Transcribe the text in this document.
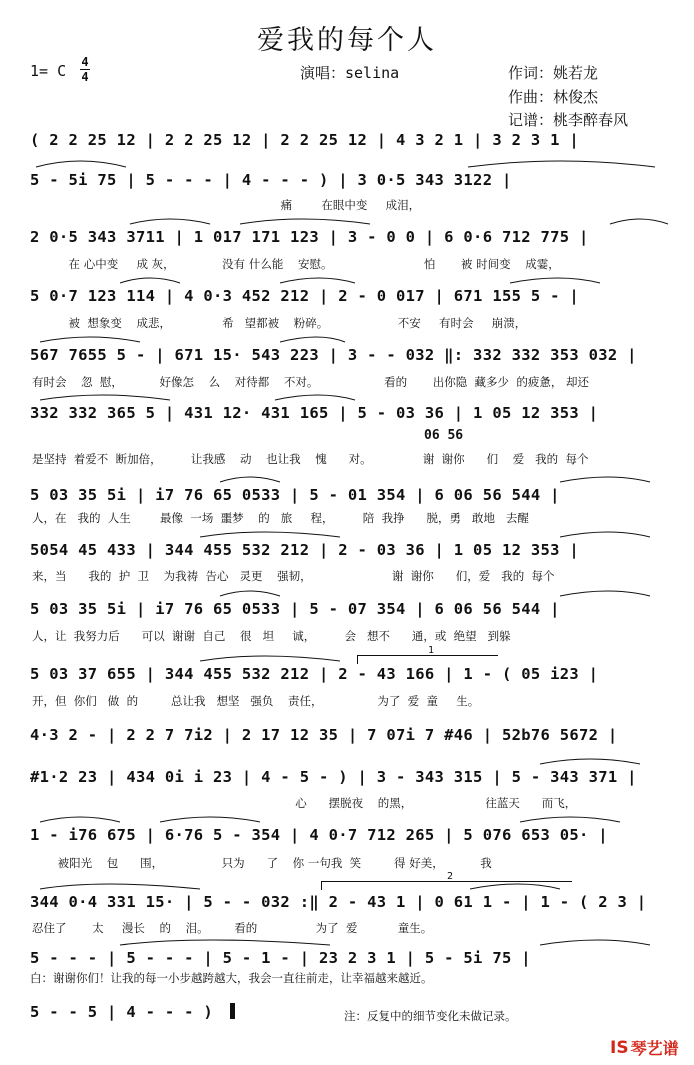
爱我的每个人
1= C 4
4	演唱：selina	作词：姚若龙
作曲：林俊杰
记谱：桃李醉春风
( 2 2 25 12 | 2 2 25 12 | 2 2 25 12 | 4 3 2 1 | 3 2 3 1 |
5 - 5i 75 | 5 - - - | 4 - - - ) | 3 0·5 343 3122 |
痛        在眼中变     成泪，
2 0·5 343 3711 | 1 017 171 123 | 3 - 0 0 | 6 0·6 712 775 |
在 心中变     成 灰，             没有 什么能    安慰。                         怕       被 时间变    成霎，
5 0·7 123 114 | 4 0·3 452 212 | 2 - 0 017 | 671 155 5 - |
被  想象变    成悲，              希   望都被    粉碎。                   不安     有时会     崩溃，
567 7655 5 - | 671 15· 543 223 | 3 - - 032 ‖: 332 332 353 032 |
有时会    忽  慰，          好像怎    么    对待都    不对。                  看的       出你隐  藏多少  的疲惫， 却还
332 332 365 5 | 431 12· 431 165 | 5 - 03 36 | 1 05 12 353 |
06 56
是坚持  着爱不  断加倍，        让我感    动    也让我    愧      对。              谢  谢你      们    爱   我的  每个
5 03 35 5i | i7 76 65 0533 | 5 - 01 354 | 6 06 56 544 |
人，在   我的  人生        最像  一场  噩梦    的   旅     程，        陪  我挣      脱，勇   敢地   去醒
5054 45 433 | 344 455 532 212 | 2 - 03 36 | 1 05 12 353 |
来，当      我的  护  卫    为我祷  告心   灵更    强韧，                      谢  谢你      们，爱   我的  每个
5 03 35 5i | i7 76 65 0533 | 5 - 07 354 | 6 06 56 544 |
人，让  我努力后      可以  谢谢  自己    很   坦     诚，        会   想不      通，或  绝望   到躲
1
5 03 37 655 | 344 455 532 212 | 2 - 43 166 | 1 - ( 05 i23 |
开，但  你们   做  的         总让我   想坚   强负    责任，               为了  爱  童     生。
4·3 2 - | 2 2 7 7i2 | 2 17 12 35 | 7 07i 7 #46 | 52b76 5672 |
#1·2 23 | 434 0i i 23 | 4 - 5 - ) | 3 - 343 315 | 5 - 343 371 |
心      摆脱夜    的黑，                    往蓝天      而飞，
1 - i76 675 | 6·76 5 - 354 | 4 0·7 712 265 | 5 076 653 05· |
被阳光    包      围，                只为      了    你 一句我  笑         得 好美，          我
2
344 0·4 331 15· | 5 - - 032 :‖ 2 - 43 1 | 0 61 1 - | 1 - ( 2 3 |
忍住了       太     漫长    的    泪。       看的                为了  爱           童生。
5 - - - | 5 - - - | 5 - 1 - | 23 2 3 1 | 5 - 5i 75 |
白：谢谢你们！让我的每一小步越跨越大，我会一直往前走，让幸福越来越近。
5 - - 5 | 4 - - - )	注：反复中的细节变化未做记录。
IS 琴艺谱
